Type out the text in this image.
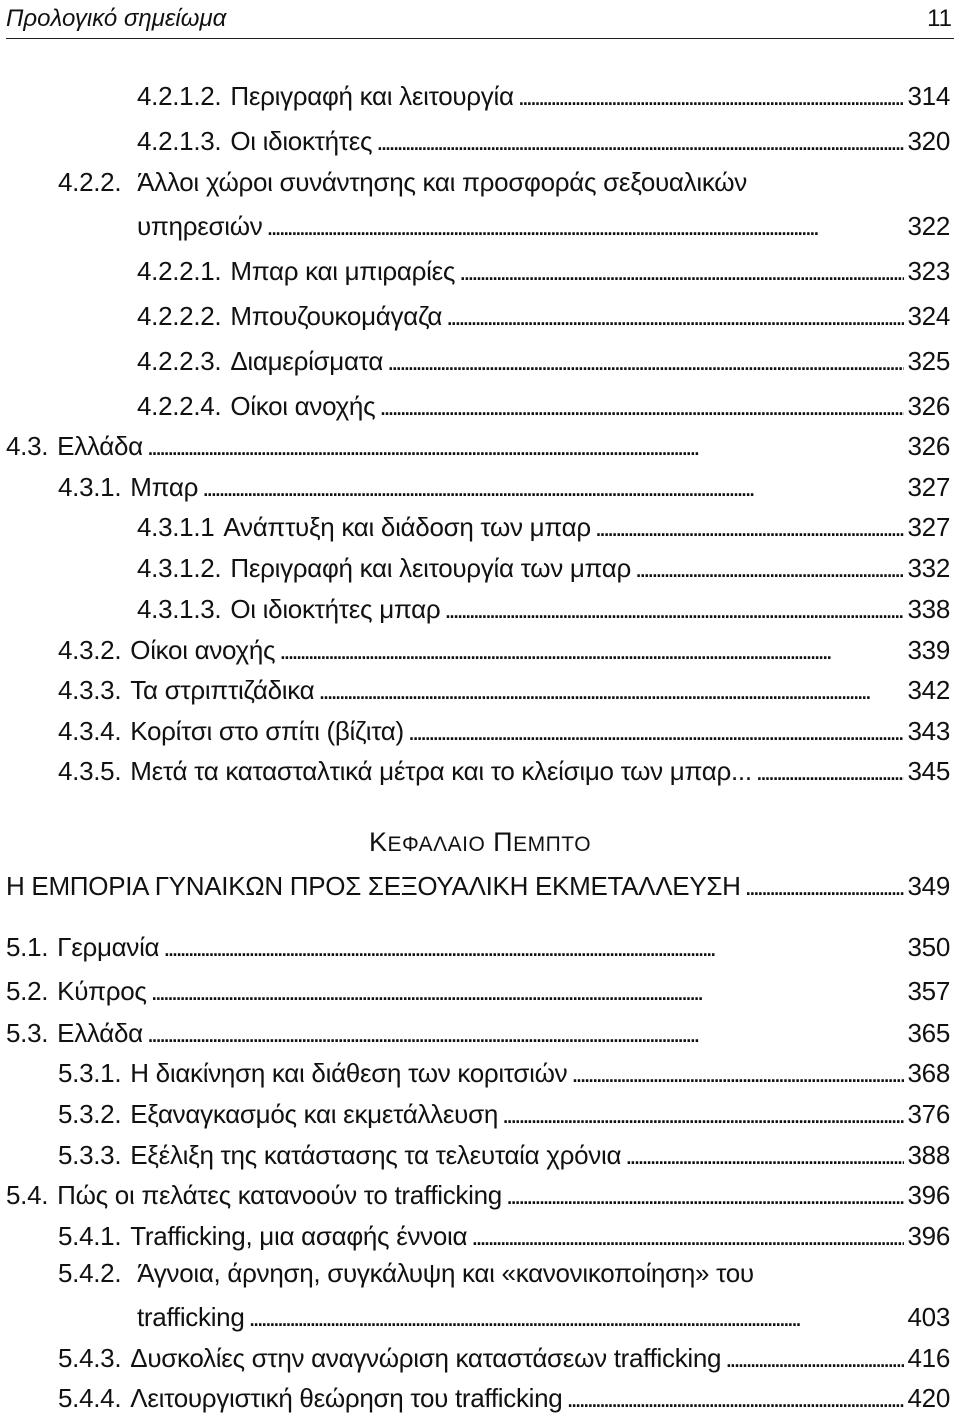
Προλογικό σημείωμα	11
4.2.1.2. Περιγραφή και λειτουργία . . .	314
4.2.1.3. Οι ιδιοκτήτες . . .	320
4.2.2. Άλλοι χώροι συνάντησης και προσφοράς σεξουαλικών
υπηρεσιών . . .	322
4.2.2.1. Μπαρ και μπιραρίες . . .	323
4.2.2.2. Μπουζουκομάγαζα . . .	324
4.2.2.3. Διαμερίσματα . . .	325
4.2.2.4. Οίκοι ανοχής . . .	326
4.3. Ελλάδα . . .	326
4.3.1. Μπαρ . . .	327
4.3.1.1 Ανάπτυξη και διάδοση των μπαρ . . .	327
4.3.1.2. Περιγραφή και λειτουργία των μπαρ . . .	332
4.3.1.3. Οι ιδιοκτήτες μπαρ . . .	338
4.3.2. Οίκοι ανοχής . . .	339
4.3.3. Τα στριπτιζάδικα . . .	342
4.3.4. Κορίτσι στο σπίτι (βίζιτα) . . .	343
4.3.5. Μετά τα κατασταλτικά μέτρα και το κλείσιμο των μπαρ... . . .	345
ΚΕΦΑΛΑΙΟ ΠΕΜΠΤΟ
Η ΕΜΠΟΡΙΑ ΓΥΝΑΙΚΩΝ ΠΡΟΣ ΣΕΞΟΥΑΛΙΚΗ ΕΚΜΕΤΑΛΛΕΥΣΗ . . .	349
5.1. Γερμανία . . .	350
5.2. Κύπρος . . .	357
5.3. Ελλάδα . . .	365
5.3.1. Η διακίνηση και διάθεση των κοριτσιών . . .	368
5.3.2. Εξαναγκασμός και εκμετάλλευση . . .	376
5.3.3. Εξέλιξη της κατάστασης τα τελευταία χρόνια . . .	388
5.4. Πώς οι πελάτες κατανοούν το trafficking . . .	396
5.4.1. Trafficking, μια ασαφής έννοια . . .	396
5.4.2. Άγνοια, άρνηση, συγκάλυψη και «κανονικοποίηση» του
trafficking . . .	403
5.4.3. Δυσκολίες στην αναγνώριση καταστάσεων trafficking . . .	416
5.4.4. Λειτουργιστική θεώρηση του trafficking . . .	420
